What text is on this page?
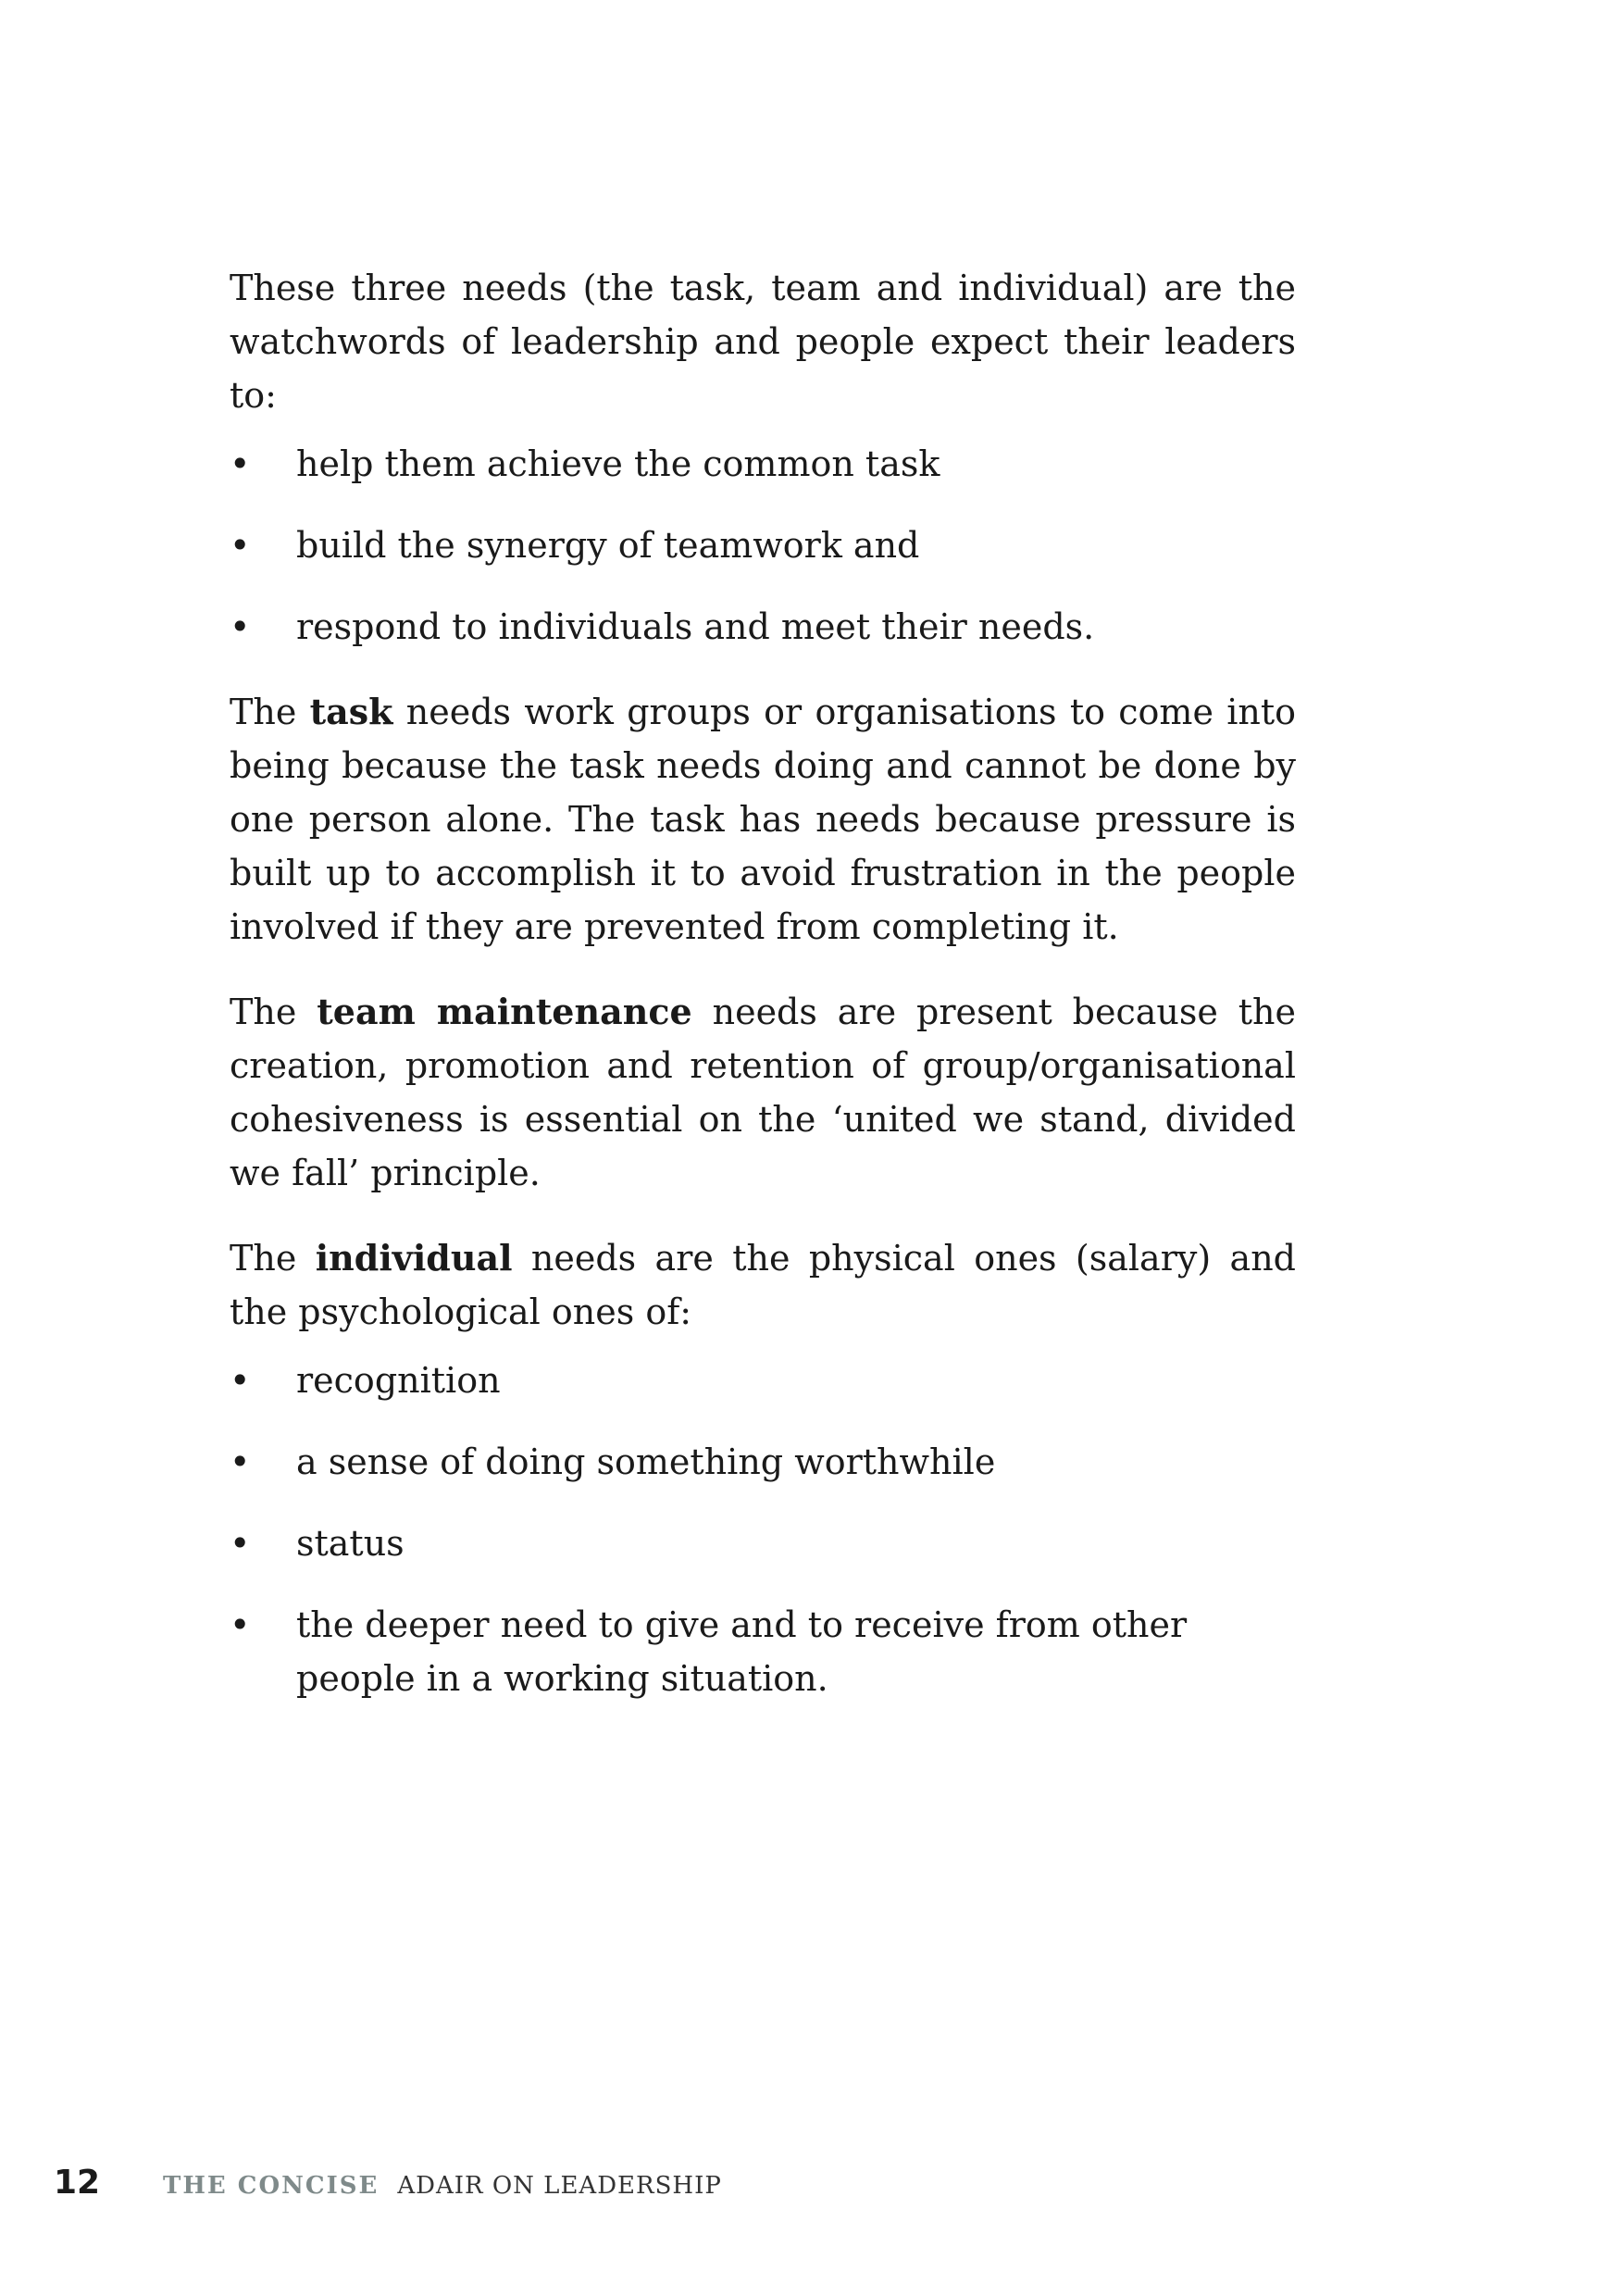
These three needs (the task, team and individual) are the watchwords of leadership and people expect their leaders to:

• help them achieve the common task
• build the synergy of teamwork and
• respond to individuals and meet their needs.

The task needs work groups or organisations to come into being because the task needs doing and cannot be done by one person alone. The task has needs because pressure is built up to accomplish it to avoid frustration in the people involved if they are prevented from completing it.

The team maintenance needs are present because the creation, promotion and retention of group/organisational cohesiveness is essential on the ‘united we stand, divided we fall’ principle.

The individual needs are the physical ones (salary) and the psychological ones of:

• recognition
• a sense of doing something worthwhile
• status
• the deeper need to give and to receive from other people in a working situation.
12	THE CONCISE ADAIR ON LEADERSHIP
